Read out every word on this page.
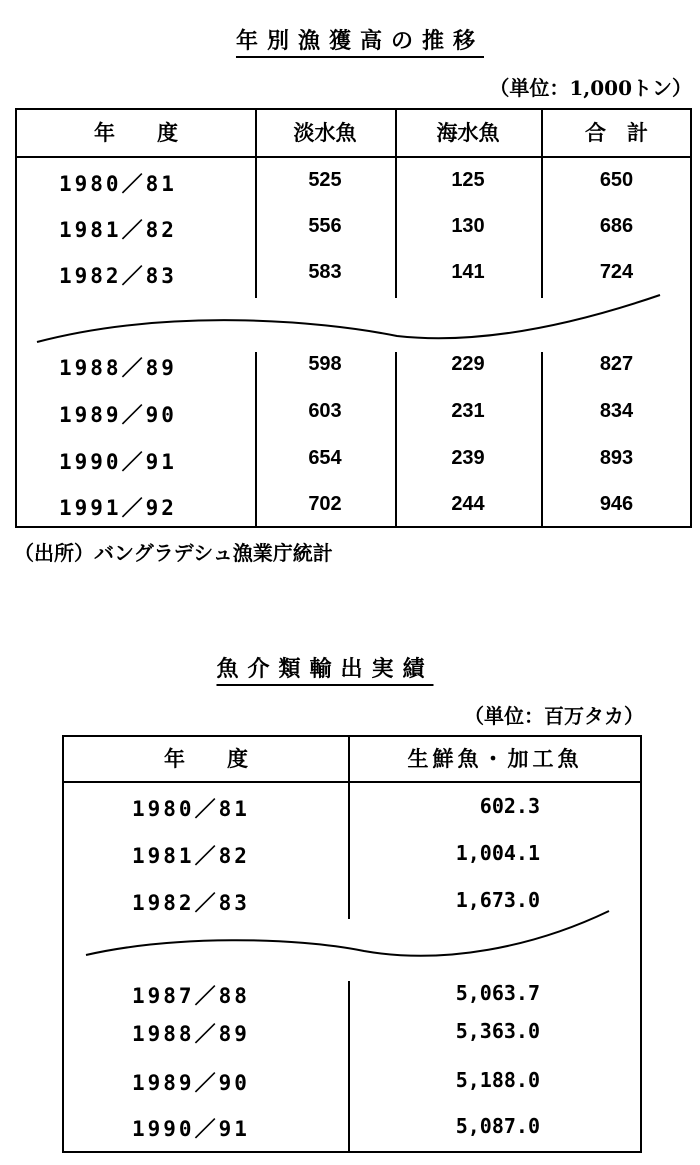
年別漁獲高の推移
（単位：1,000トン）
年　　度	淡水魚	海水魚	合　計
1980／81	525	125	650
1981／82	556	130	686
1982／83	583	141	724
1988／89	598	229	827
1989／90	603	231	834
1990／91	654	239	893
1991／92	702	244	946
（出所）バングラデシュ漁業庁統計
魚介類輸出実績
（単位：百万タカ）
年　　度	生鮮魚・加工魚
1980／81	602.3
1981／82	1,004.1
1982／83	1,673.0
1987／88	5,063.7
1988／89	5,363.0
1989／90	5,188.0
1990／91	5,087.0
